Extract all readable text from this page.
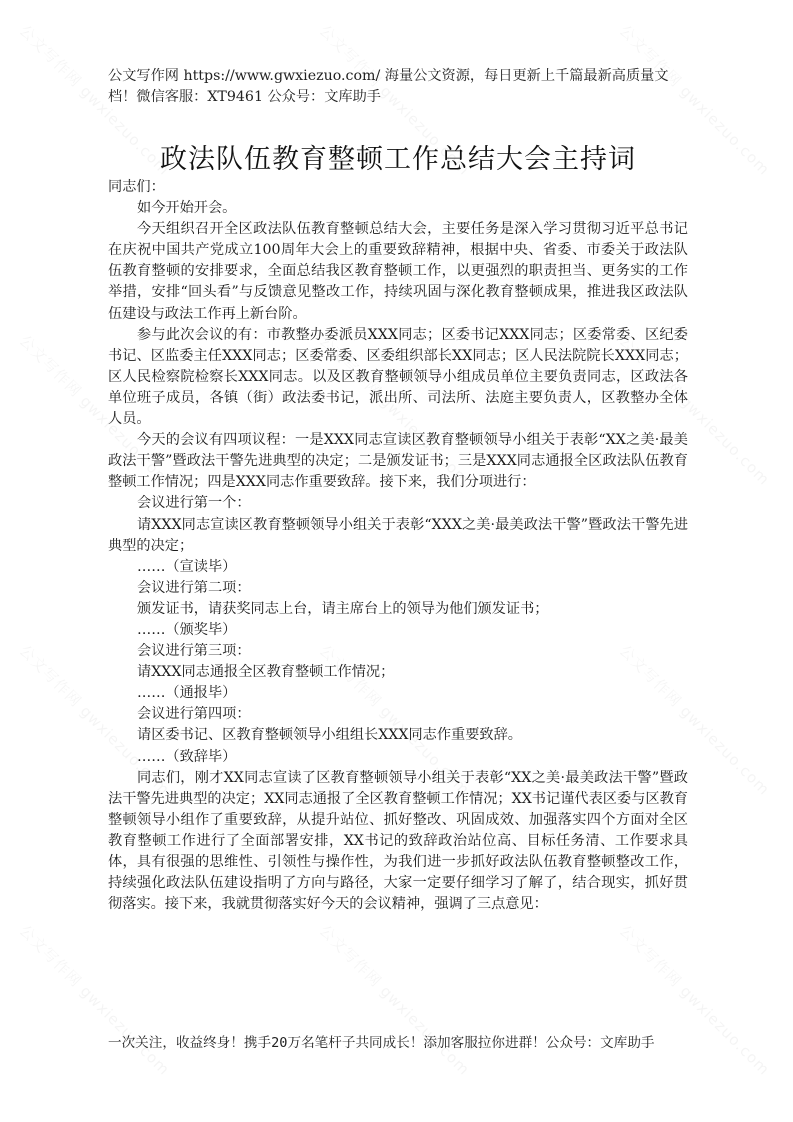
公文写作网 https://www.gwxiezuo.com/ 海量公文资源，每日更新上千篇最新高质量文档！微信客服：XT9461 公众号：文库助手
政法队伍教育整顿工作总结大会主持词

同志们：

如今开始开会。

今天组织召开全区政法队伍教育整顿总结大会，主要任务是深入学习贯彻习近平总书记在庆祝中国共产党成立100周年大会上的重要致辞精神，根据中央、省委、市委关于政法队伍教育整顿的安排要求，全面总结我区教育整顿工作，以更强烈的职责担当、更务实的工作举措，安排“回头看”与反馈意见整改工作，持续巩固与深化教育整顿成果，推进我区政法队伍建设与政法工作再上新台阶。

参与此次会议的有：市教整办委派员XXX同志；区委书记XXX同志；区委常委、区纪委书记、区监委主任XXX同志；区委常委、区委组织部长XX同志；区人民法院院长XXX同志；区人民检察院检察长XXX同志。以及区教育整顿领导小组成员单位主要负责同志，区政法各单位班子成员，各镇（街）政法委书记，派出所、司法所、法庭主要负责人，区教整办全体人员。

今天的会议有四项议程：一是XXX同志宣读区教育整顿领导小组关于表彰“XX之美·最美政法干警”暨政法干警先进典型的决定；二是颁发证书；三是XXX同志通报全区政法队伍教育整顿工作情况；四是XXX同志作重要致辞。接下来，我们分项进行：

会议进行第一个：

请XXX同志宣读区教育整顿领导小组关于表彰“XXX之美·最美政法干警”暨政法干警先进典型的决定；

……（宣读毕）

会议进行第二项：

颁发证书，请获奖同志上台，请主席台上的领导为他们颁发证书；

……（颁奖毕）

会议进行第三项：

请XXX同志通报全区教育整顿工作情况；

……（通报毕）

会议进行第四项：

请区委书记、区教育整顿领导小组组长XXX同志作重要致辞。

……（致辞毕）

同志们，刚才XX同志宣读了区教育整顿领导小组关于表彰“XX之美·最美政法干警”暨政法干警先进典型的决定；XX同志通报了全区教育整顿工作情况；XX书记谨代表区委与区教育整顿领导小组作了重要致辞，从提升站位、抓好整改、巩固成效、加强落实四个方面对全区教育整顿工作进行了全面部署安排，XX书记的致辞政治站位高、目标任务清、工作要求具体，具有很强的思维性、引领性与操作性，为我们进一步抓好政法队伍教育整顿整改工作，持续强化政法队伍建设指明了方向与路径，大家一定要仔细学习了解了，结合现实，抓好贯彻落实。接下来，我就贯彻落实好今天的会议精神，强调了三点意见：

一次关注，收益终身！携手20万名笔杆子共同成长！添加客服拉你进群！公众号：文库助手
